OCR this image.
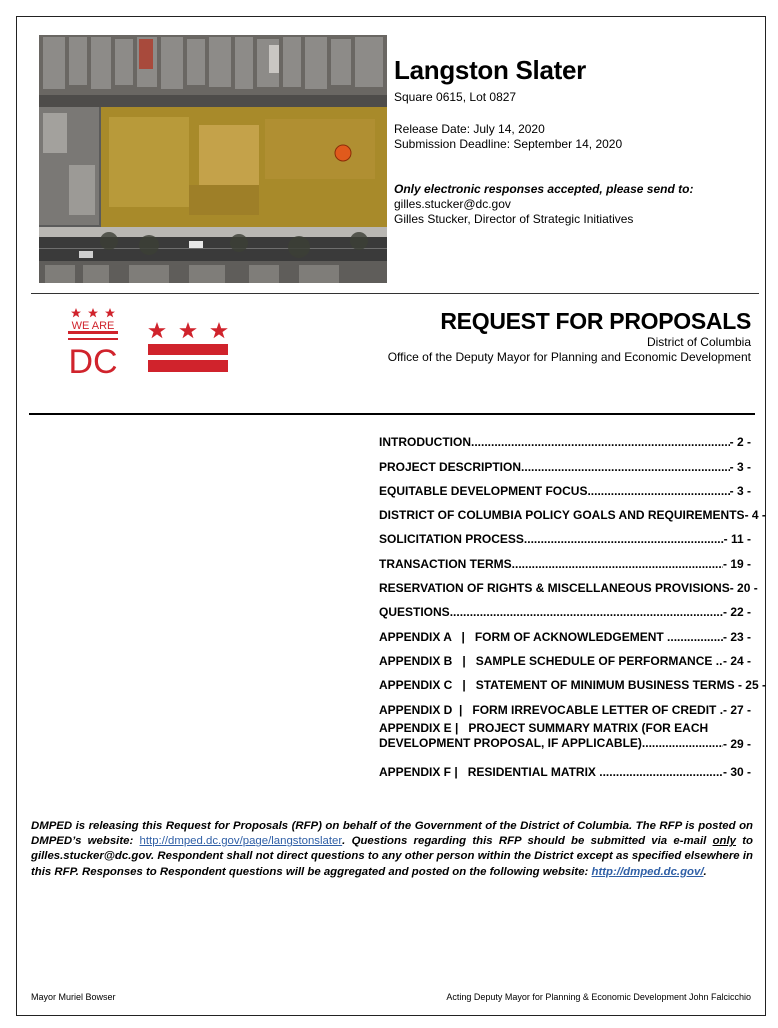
Langston Slater
Square 0615, Lot 0827
Release Date: July 14, 2020
Submission Deadline: September 14, 2020
Only electronic responses accepted, please send to:
gilles.stucker@dc.gov
Gilles Stucker, Director of Strategic Initiatives
WE ARE
WASHINGTON
DC
REQUEST FOR PROPOSALS
District of Columbia
Office of the Deputy Mayor for Planning and Economic Development
INTRODUCTION .....	- 2 -
PROJECT DESCRIPTION .....	- 3 -
EQUITABLE DEVELOPMENT FOCUS .....	- 3 -
DISTRICT OF COLUMBIA POLICY GOALS AND REQUIREMENTS - 4 -
SOLICITATION PROCESS .....	- 11 -
TRANSACTION TERMS .....	- 19 -
RESERVATION OF RIGHTS & MISCELLANEOUS PROVISIONS - 20 -
QUESTIONS .....	- 22 -
APPENDIX A   |   FORM OF ACKNOWLEDGEMENT .....	- 23 -
APPENDIX B   |   SAMPLE SCHEDULE OF PERFORMANCE ..... - 24 -
APPENDIX C   |   STATEMENT OF MINIMUM BUSINESS TERMS - 25 -
APPENDIX D  |   FORM IRREVOCABLE LETTER OF CREDIT ..... - 27 -
APPENDIX E |   PROJECT SUMMARY MATRIX (FOR EACH
DEVELOPMENT PROPOSAL, IF APPLICABLE) .....	- 29 -
APPENDIX F |   RESIDENTIAL MATRIX .....	- 30 -
DMPED is releasing this Request for Proposals (RFP) on behalf of the Government of the District of Columbia. The RFP is posted on DMPED’s website: http://dmped.dc.gov/page/langstonslater. Questions regarding this RFP should be submitted via e-mail only to gilles.stucker@dc.gov. Respondent shall not direct questions to any other person within the District except as specified elsewhere in this RFP. Responses to Respondent questions will be aggregated and posted on the following website: http://dmped.dc.gov/.
Mayor Muriel Bowser	Acting Deputy Mayor for Planning & Economic Development John Falcicchio
